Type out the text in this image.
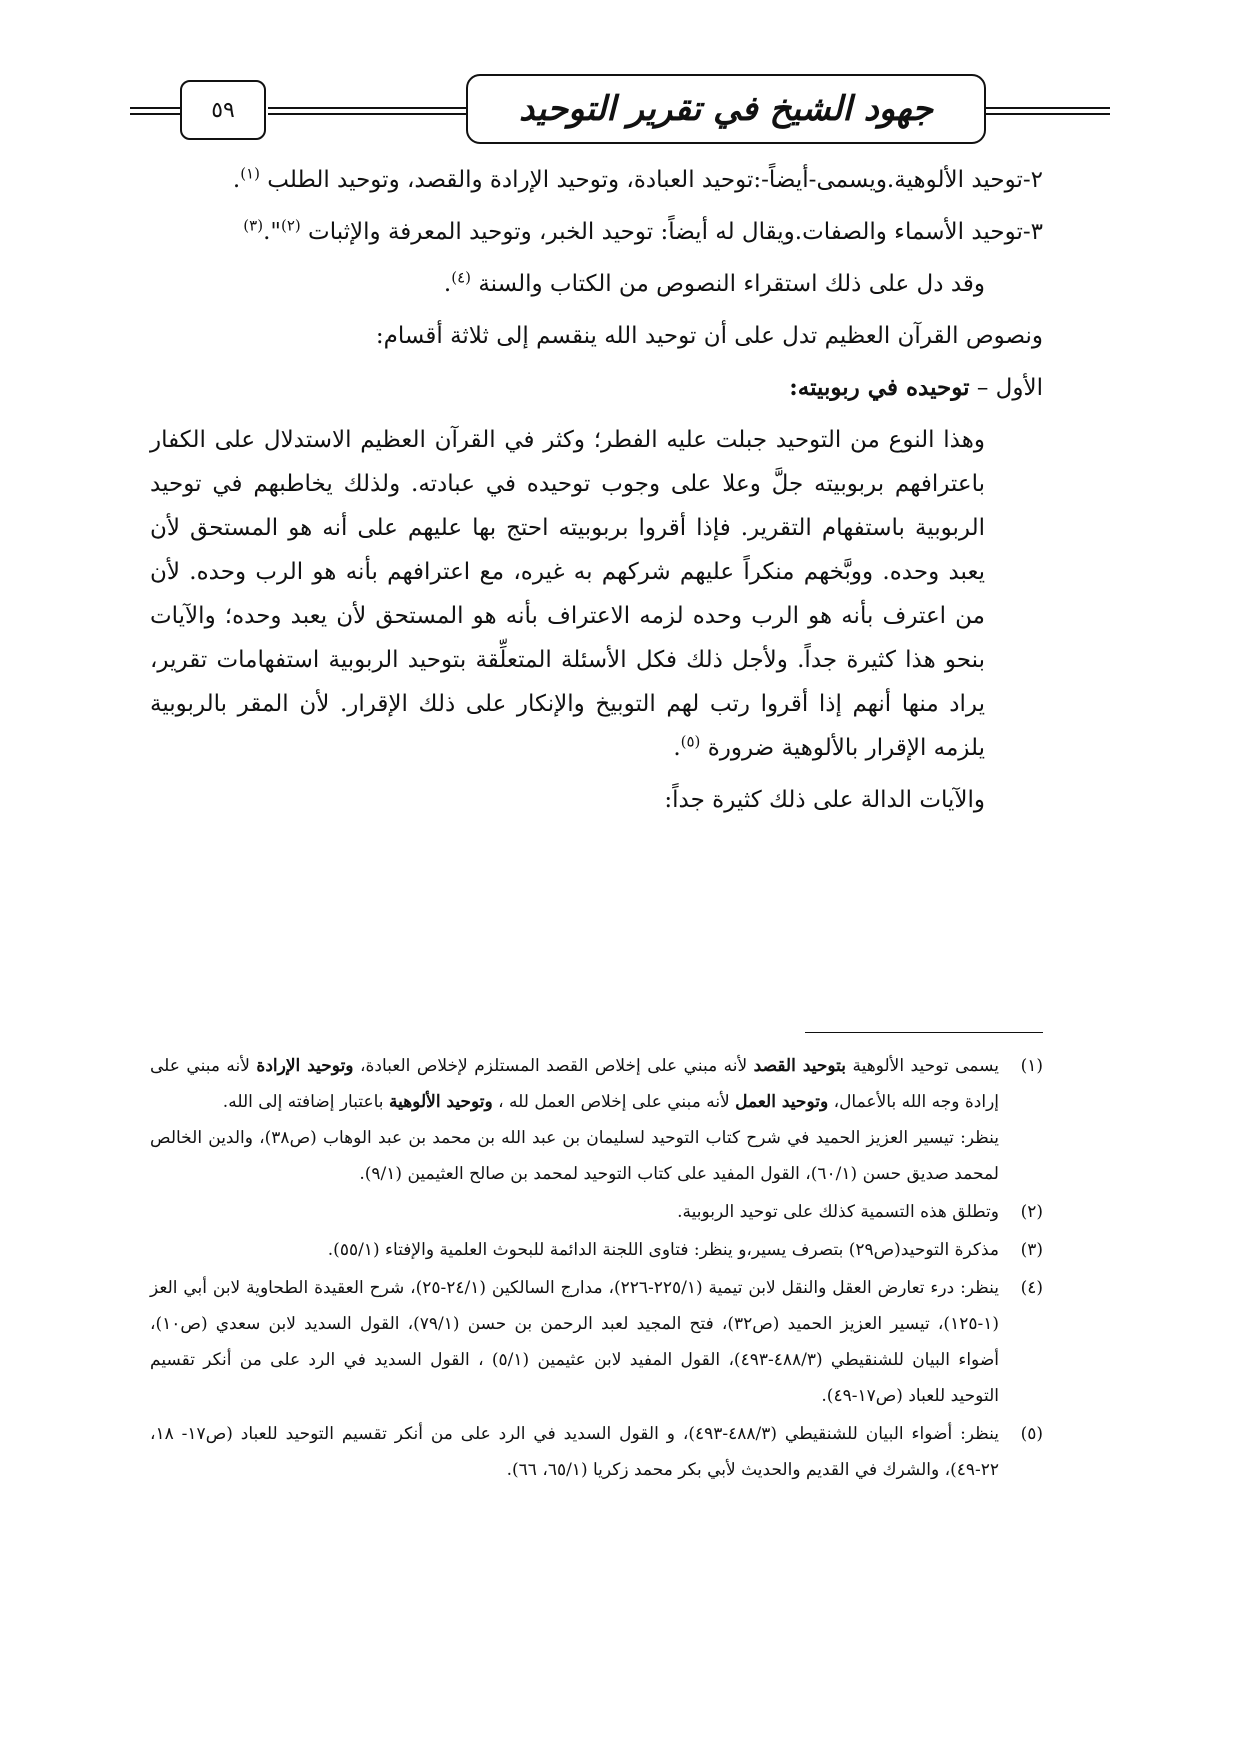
٥٩	جهود الشيخ في تقرير التوحيد

٢-توحيد الألوهية.ويسمى-أيضاً-:توحيد العبادة، وتوحيد الإرادة والقصد، وتوحيد الطلب $^{(١)}$.

٣-توحيد الأسماء والصفات.ويقال له أيضاً: توحيد الخبر، وتوحيد المعرفة والإثبات $^{(٢)}$".$^{(٣)}$

وقد دل على ذلك استقراء النصوص من الكتاب والسنة $^{(٤)}$.

ونصوص القرآن العظيم تدل على أن توحيد الله ينقسم إلى ثلاثة أقسام:

الأول – توحيده في ربوبيته:

وهذا النوع من التوحيد جبلت عليه الفطر؛ وكثر في القرآن العظيم الاستدلال على الكفار باعترافهم بربوبيته جلَّ وعلا على وجوب توحيده في عبادته. ولذلك يخاطبهم في توحيد الربوبية باستفهام التقرير. فإذا أقروا بربوبيته احتج بها عليهم على أنه هو المستحق لأن يعبد وحده. ووبَّخهم منكراً عليهم شركهم به غيره، مع اعترافهم بأنه هو الرب وحده. لأن من اعترف بأنه هو الرب وحده لزمه الاعتراف بأنه هو المستحق لأن يعبد وحده؛ والآيات بنحو هذا كثيرة جداً. ولأجل ذلك فكل الأسئلة المتعلِّقة بتوحيد الربوبية استفهامات تقرير، يراد منها أنهم إذا أقروا رتب لهم التوبيخ والإنكار على ذلك الإقرار. لأن المقر بالربوبية يلزمه الإقرار بالألوهية ضرورة $^{(٥)}$.

والآيات الدالة على ذلك كثيرة جداً:

(١)

يسمى توحيد الألوهية بتوحيد القصد لأنه مبني على إخلاص القصد المستلزم لإخلاص العبادة، وتوحيد الإرادة لأنه مبني على إرادة وجه الله بالأعمال، وتوحيد العمل لأنه مبني على إخلاص العمل لله ، وتوحيد الألوهية باعتبار إضافته إلى الله.

ينظر: تيسير العزيز الحميد في شرح كتاب التوحيد لسليمان بن عبد الله بن محمد بن عبد الوهاب (ص٣٨)، والدين الخالص لمحمد صديق حسن (٦٠/١)، القول المفيد على كتاب التوحيد لمحمد بن صالح العثيمين (٩/١).

(٢)
وتطلق هذه التسمية كذلك على توحيد الربوبية.
(٣)
مذكرة التوحيد(ص٢٩) بتصرف يسير،و ينظر: فتاوى اللجنة الدائمة للبحوث العلمية والإفتاء (٥٥/١).
(٤)
ينظر: درء تعارض العقل والنقل لابن تيمية (٢٢٥/١-٢٢٦)، مدارج السالكين (٢٤/١-٢٥)، شرح العقيدة الطحاوية لابن أبي العز (١-١٢٥)، تيسير العزيز الحميد (ص٣٢)، فتح المجيد لعبد الرحمن بن حسن (٧٩/١)، القول السديد لابن سعدي (ص١٠)، أضواء البيان للشنقيطي (٤٨٨/٣-٤٩٣)، القول المفيد لابن عثيمين (٥/١) ، القول السديد في الرد على من أنكر تقسيم التوحيد للعباد (ص١٧-٤٩).
(٥)
ينظر: أضواء البيان للشنقيطي (٤٨٨/٣-٤٩٣)، و القول السديد في الرد على من أنكر تقسيم التوحيد للعباد (ص١٧- ١٨، ٢٢-٤٩)، والشرك في القديم والحديث لأبي بكر محمد زكريا (٦٥/١، ٦٦).
